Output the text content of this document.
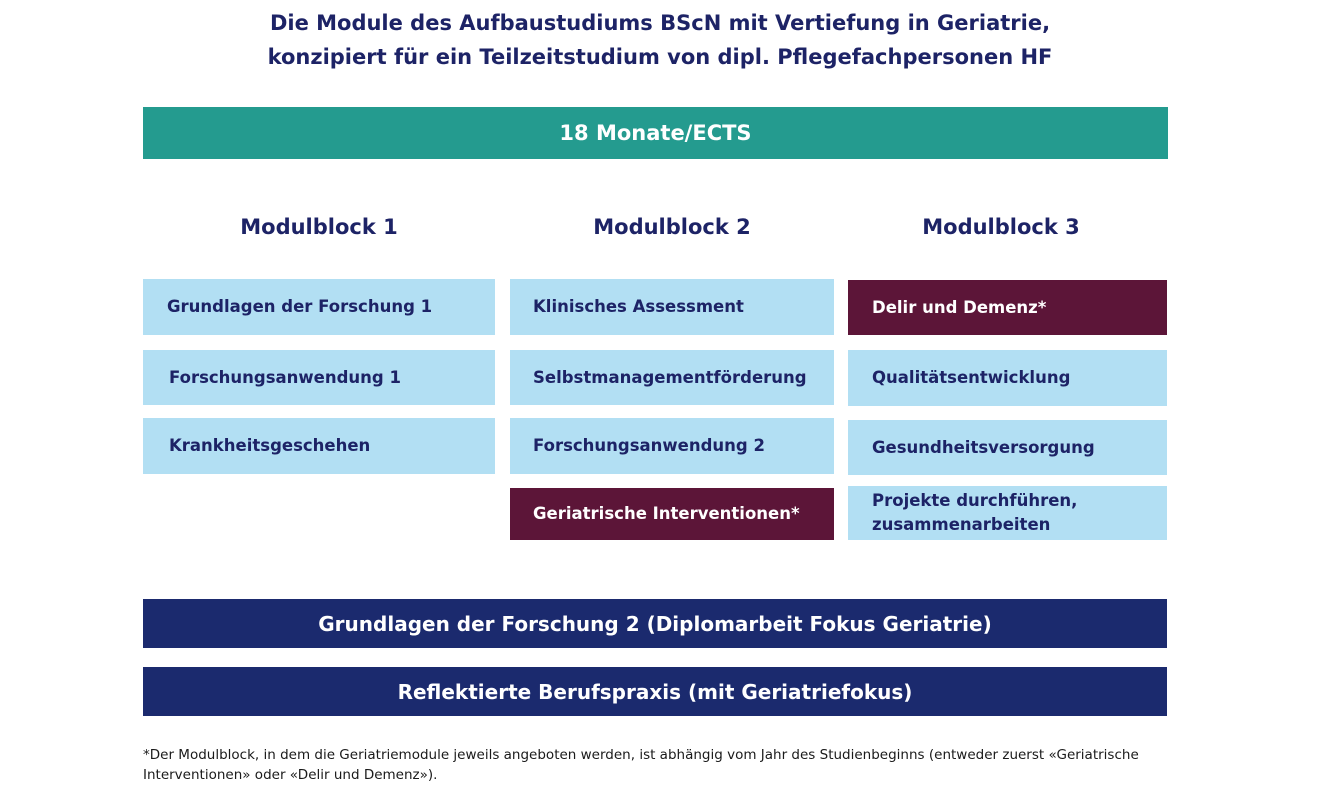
Die Module des Aufbaustudiums BScN mit Vertiefung in Geriatrie,
konzipiert für ein Teilzeitstudium von dipl. Pflegefachpersonen HF
18 Monate/ECTS
Modulblock 1	Modulblock 2	Modulblock 3
Grundlagen der Forschung 1
Forschungsanwendung 1
Krankheitsgeschehen
Klinisches Assessment
Selbstmanagementförderung
Forschungsanwendung 2
Geriatrische Interventionen*
Delir und Demenz*
Qualitätsentwicklung
Gesundheitsversorgung
Projekte durchführen, zusammenarbeiten
Grundlagen der Forschung 2 (Diplomarbeit Fokus Geriatrie)
Reflektierte Berufspraxis (mit Geriatriefokus)
*Der Modulblock, in dem die Geriatriemodule jeweils angeboten werden, ist abhängig vom Jahr des Studienbeginns (entweder zuerst «Geriatrische Interventionen» oder «Delir und Demenz»).
